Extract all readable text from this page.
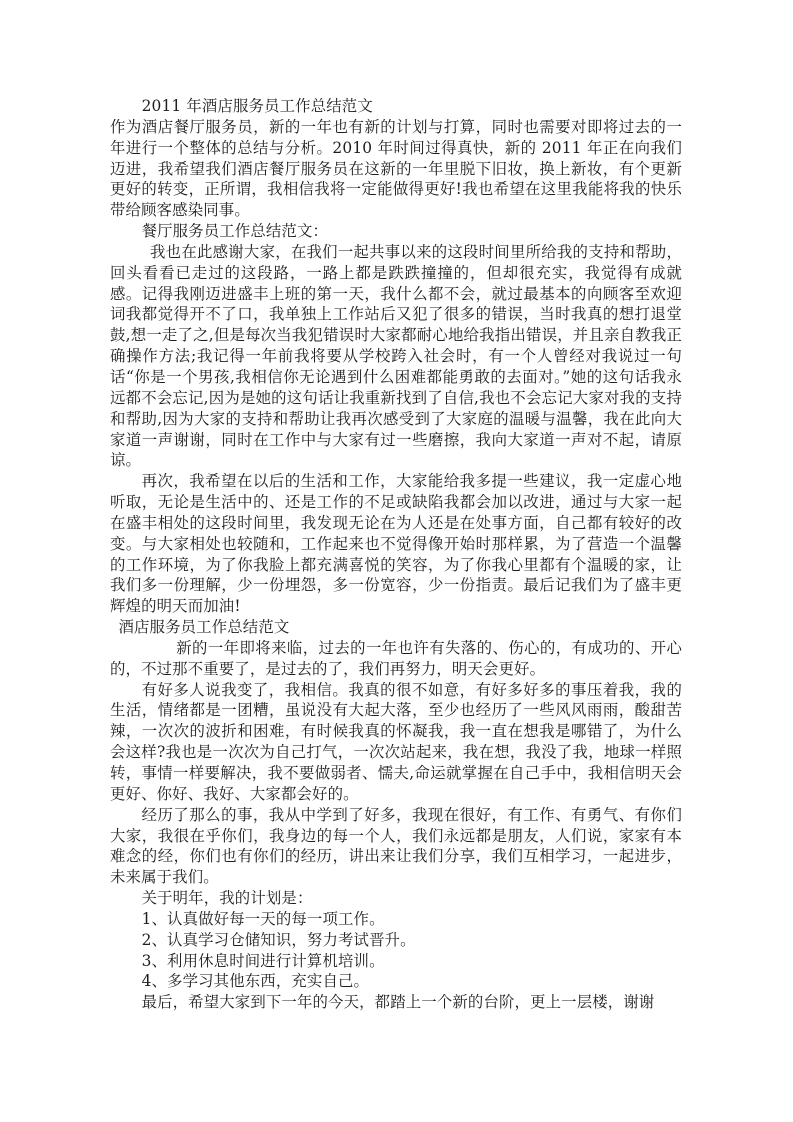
2011 年酒店服务员工作总结范文

作为酒店餐厅服务员，新的一年也有新的计划与打算，同时也需要对即将过去的一年进行一个整体的总结与分析。2010 年时间过得真快，新的 2011 年正在向我们迈进，我希望我们酒店餐厅服务员在这新的一年里脱下旧妆，换上新妆，有个更新更好的转变，正所谓，我相信我将一定能做得更好!我也希望在这里我能将我的快乐带给顾客感染同事。

餐厅服务员工作总结范文：

我也在此感谢大家，在我们一起共事以来的这段时间里所给我的支持和帮助，回头看看已走过的这段路，一路上都是跌跌撞撞的，但却很充实，我觉得有成就感。记得我刚迈进盛丰上班的第一天，我什么都不会，就过最基本的向顾客至欢迎词我都觉得开不了口，我单独上工作站后又犯了很多的错误，当时我真的想打退堂鼓,想一走了之,但是每次当我犯错误时大家都耐心地给我指出错误，并且亲自教我正确操作方法;我记得一年前我将要从学校跨入社会时，有一个人曾经对我说过一句话“你是一个男孩,我相信你无论遇到什么困难都能勇敢的去面对。”她的这句话我永远都不会忘记,因为是她的这句话让我重新找到了自信,我也不会忘记大家对我的支持和帮助,因为大家的支持和帮助让我再次感受到了大家庭的温暖与温馨，我在此向大家道一声谢谢，同时在工作中与大家有过一些磨擦，我向大家道一声对不起，请原谅。

再次，我希望在以后的生活和工作，大家能给我多提一些建议，我一定虚心地听取，无论是生活中的、还是工作的不足或缺陷我都会加以改进，通过与大家一起在盛丰相处的这段时间里，我发现无论在为人还是在处事方面，自己都有较好的改变。与大家相处也较随和，工作起来也不觉得像开始时那样累，为了营造一个温馨的工作环境，为了你我脸上都充满喜悦的笑容，为了你我心里都有个温暖的家，让我们多一份理解，少一份埋怨，多一份宽容，少一份指责。最后记我们为了盛丰更辉煌的明天而加油!

酒店服务员工作总结范文

新的一年即将来临，过去的一年也许有失落的、伤心的，有成功的、开心的，不过那不重要了，是过去的了，我们再努力，明天会更好。

有好多人说我变了，我相信。我真的很不如意，有好多好多的事压着我，我的生活，情绪都是一团糟，虽说没有大起大落，至少也经历了一些风风雨雨，酸甜苦辣，一次次的波折和困难，有时候我真的怀凝我，我一直在想我是哪错了，为什么会这样?我也是一次次为自己打气，一次次站起来，我在想，我没了我，地球一样照转，事情一样要解决，我不要做弱者、懦夫,命运就掌握在自己手中，我相信明天会更好、你好、我好、大家都会好的。

经历了那么的事，我从中学到了好多，我现在很好，有工作、有勇气、有你们大家，我很在乎你们，我身边的每一个人，我们永远都是朋友，人们说，家家有本难念的经，你们也有你们的经历，讲出来让我们分享，我们互相学习，一起进步，未来属于我们。

关于明年，我的计划是：

1、认真做好每一天的每一项工作。

2、认真学习仓储知识，努力考试晋升。

3、利用休息时间进行计算机培训。

4、多学习其他东西，充实自己。

最后，希望大家到下一年的今天，都踏上一个新的台阶，更上一层楼，谢谢
